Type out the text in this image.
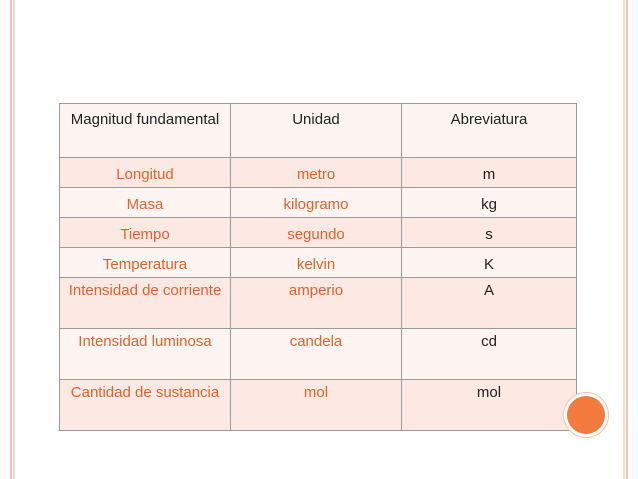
Magnitud fundamental	Unidad	Abreviatura
Longitud	metro	m
Masa	kilogramo	kg
Tiempo	segundo	s
Temperatura	kelvin	K
Intensidad de corriente	amperio	A
Intensidad luminosa	candela	cd
Cantidad de sustancia	mol	mol
